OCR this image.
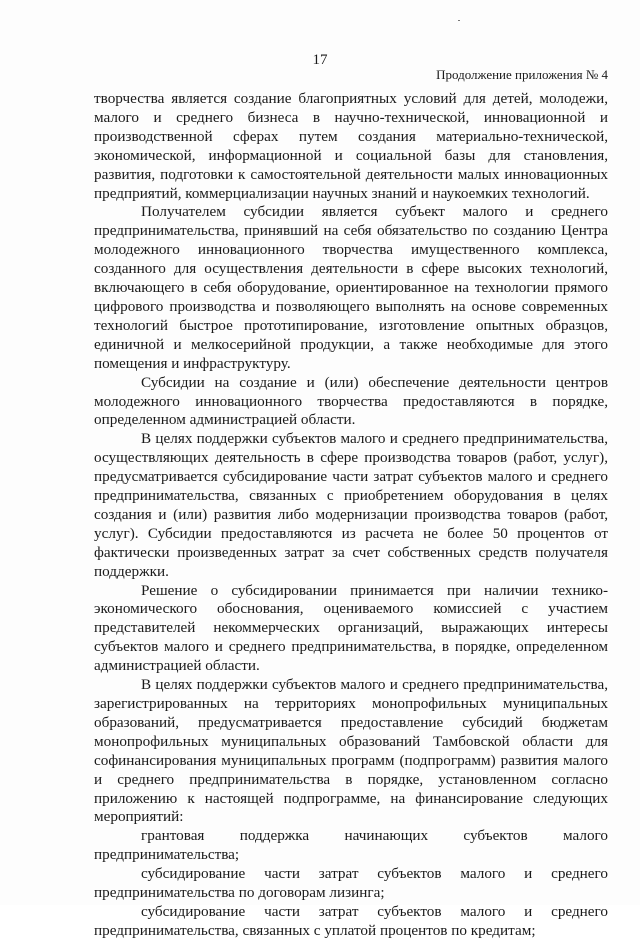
17
Продолжение приложения № 4

творчества является создание благоприятных условий для детей, молодежи, малого и среднего бизнеса в научно-технической, инновационной и производственной сферах путем создания материально-технической, экономической, информационной и социальной базы для становления, развития, подготовки к самостоятельной деятельности малых инновационных предприятий, коммерциализации научных знаний и наукоемких технологий.

Получателем субсидии является субъект малого и среднего предпринимательства, принявший на себя обязательство по созданию Центра молодежного инновационного творчества имущественного комплекса, созданного для осуществления деятельности в сфере высоких технологий, включающего в себя оборудование, ориентированное на технологии прямого цифрового производства и позволяющего выполнять на основе современных технологий быстрое прототипирование, изготовление опытных образцов, единичной и мелкосерийной продукции, а также необходимые для этого помещения и инфраструктуру.

Субсидии на создание и (или) обеспечение деятельности центров молодежного инновационного творчества предоставляются в порядке, определенном администрацией области.

В целях поддержки субъектов малого и среднего предпринимательства, осуществляющих деятельность в сфере производства товаров (работ, услуг), предусматривается субсидирование части затрат субъектов малого и среднего предпринимательства, связанных с приобретением оборудования в целях создания и (или) развития либо модернизации производства товаров (работ, услуг). Субсидии предоставляются из расчета не более 50 процентов от фактически произведенных затрат за счет собственных средств получателя поддержки.

Решение о субсидировании принимается при наличии технико-экономического обоснования, оцениваемого комиссией с участием представителей некоммерческих организаций, выражающих интересы субъектов малого и среднего предпринимательства, в порядке, определенном администрацией области.

В целях поддержки субъектов малого и среднего предпринимательства, зарегистрированных на территориях монопрофильных муниципальных образований, предусматривается предоставление субсидий бюджетам монопрофильных муниципальных образований Тамбовской области для софинансирования муниципальных программ (подпрограмм) развития малого и среднего предпринимательства в порядке, установленном согласно приложению к настоящей подпрограмме, на финансирование следующих мероприятий:

грантовая поддержка начинающих субъектов малого предпринимательства;

субсидирование части затрат субъектов малого и среднего предпринимательства по договорам лизинга;

субсидирование части затрат субъектов малого и среднего предпринимательства, связанных с уплатой процентов по кредитам;
